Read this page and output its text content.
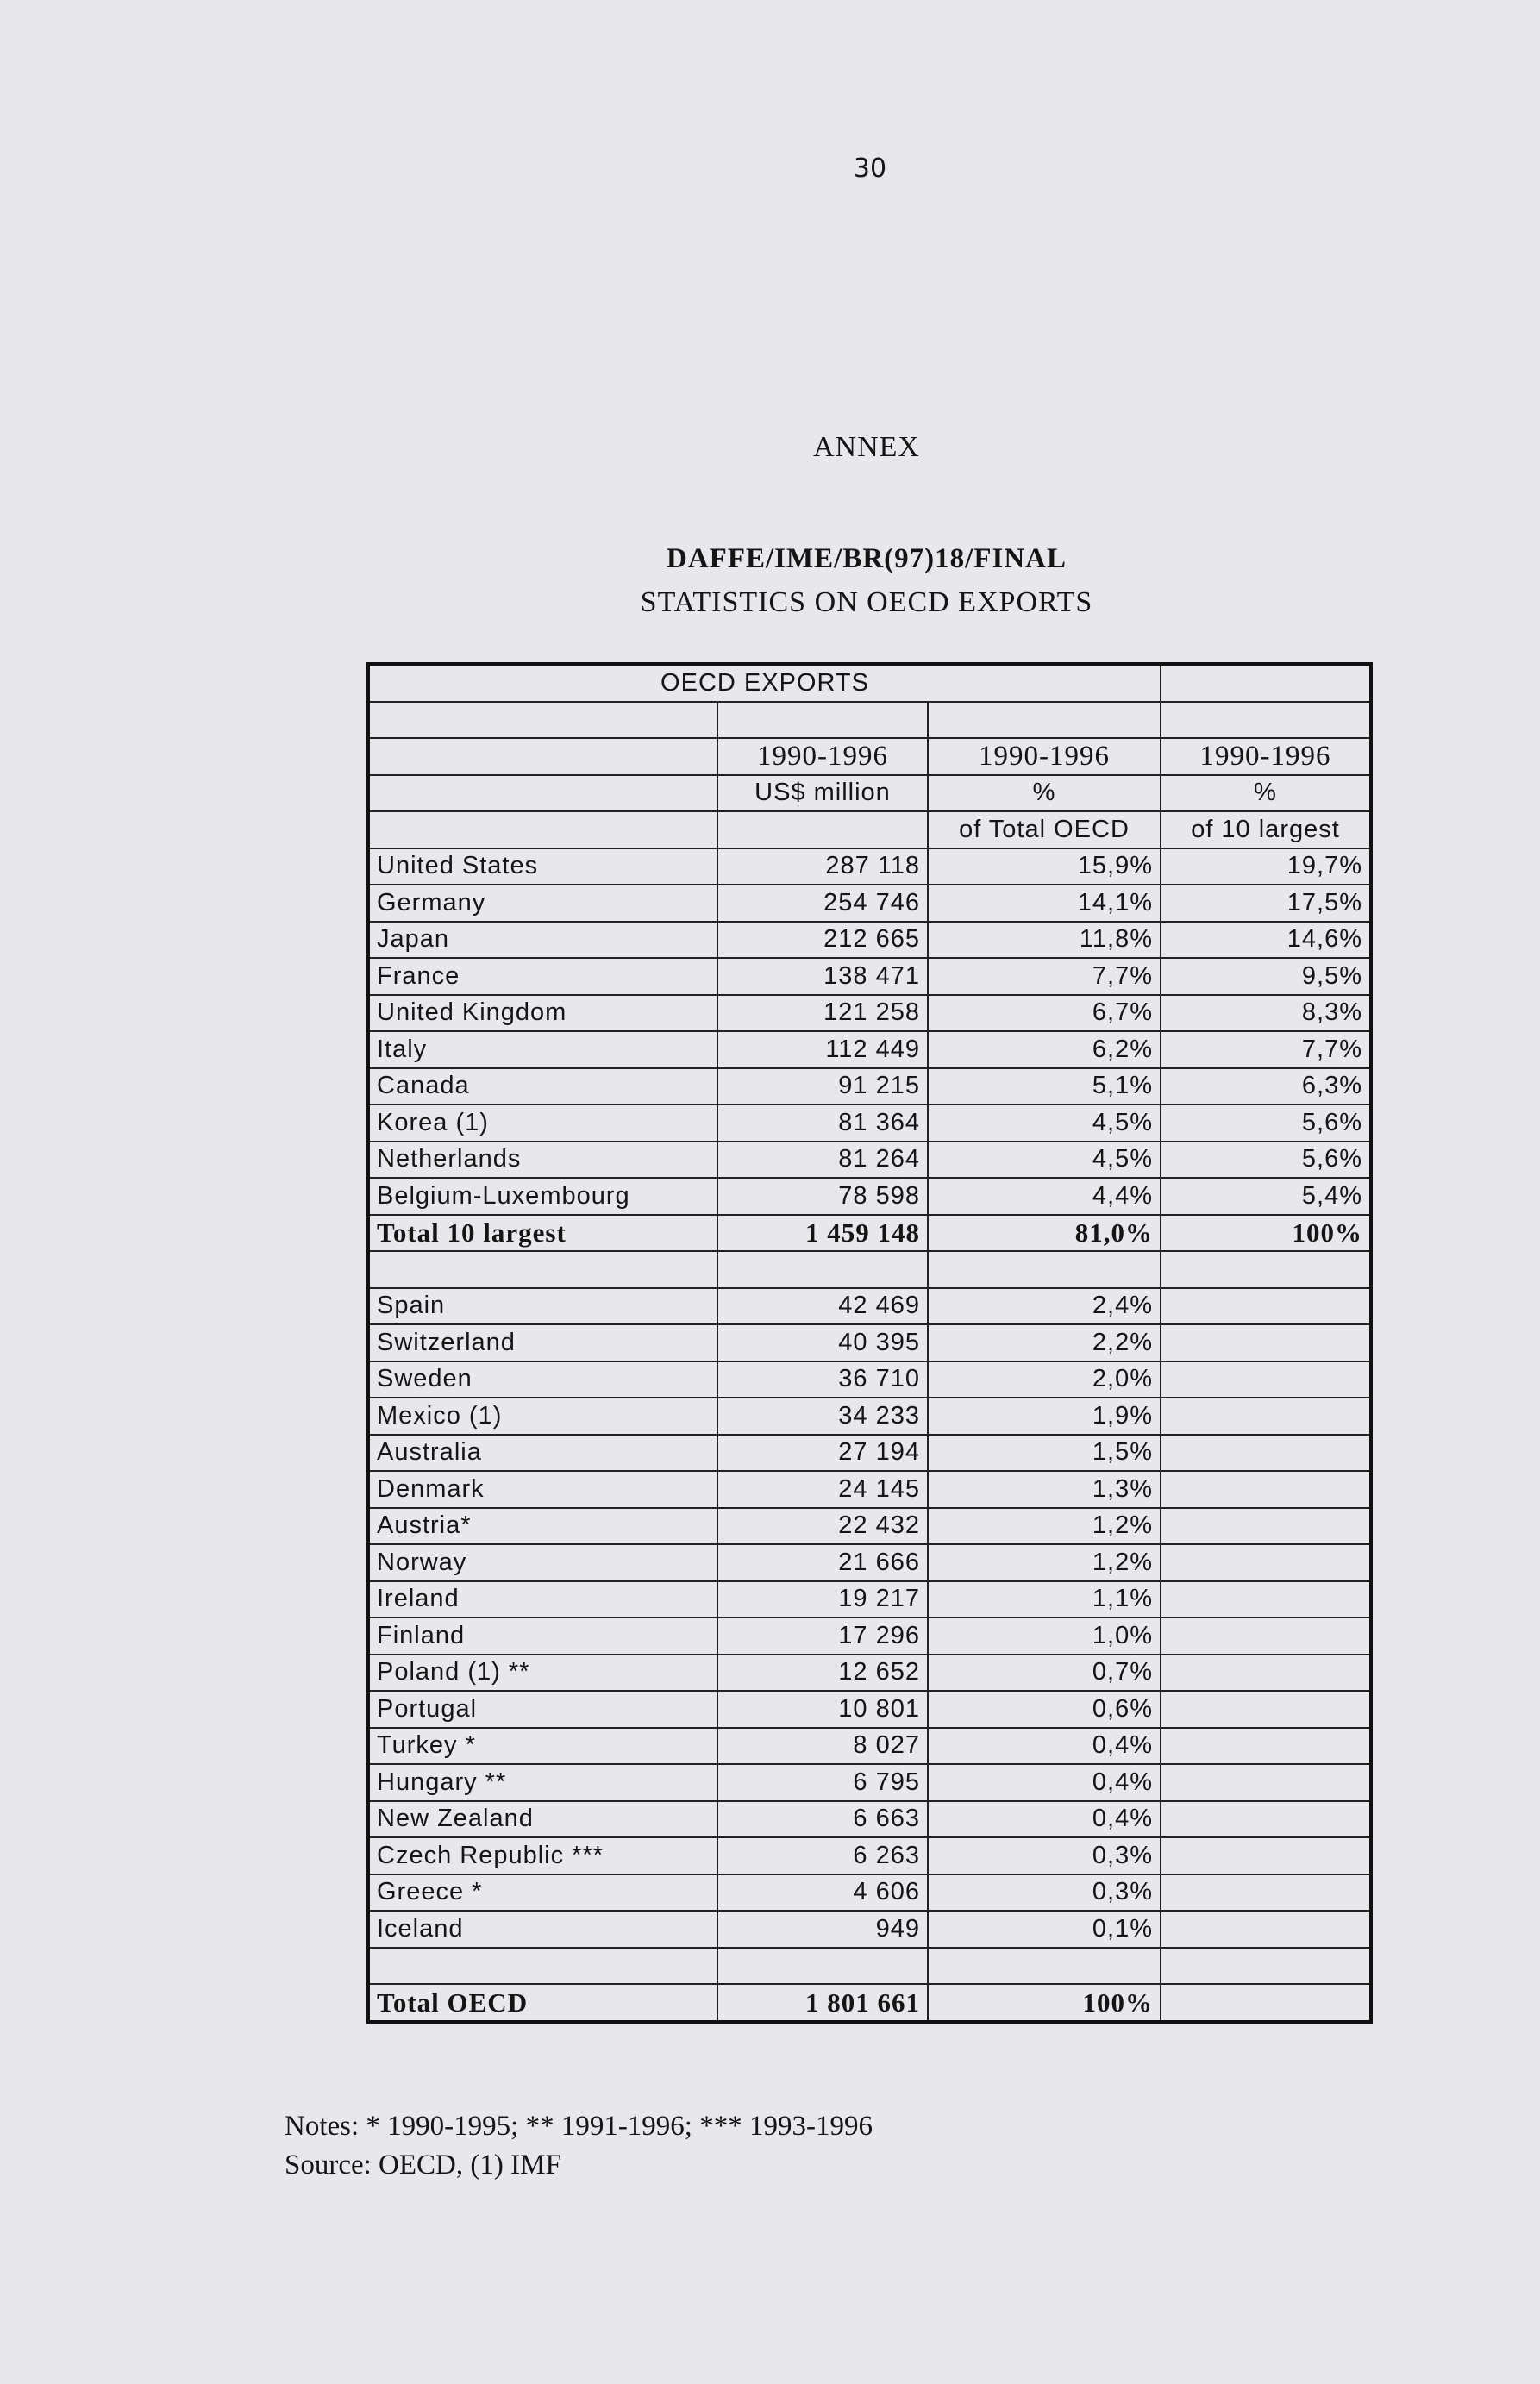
30
ANNEX
DAFFE/IME/BR(97)18/FINAL
STATISTICS ON OECD EXPORTS
OECD EXPORTS			

	1990-1996	1990-1996	1990-1996
	US$ million	%	%
		of Total OECD	of 10 largest
United States	287 118	15,9%	19,7%
Germany	254 746	14,1%	17,5%
Japan	212 665	11,8%	14,6%
France	138 471	7,7%	9,5%
United Kingdom	121 258	6,7%	8,3%
Italy	112 449	6,2%	7,7%
Canada	91 215	5,1%	6,3%
Korea (1)	81 364	4,5%	5,6%
Netherlands	81 264	4,5%	5,6%
Belgium-Luxembourg	78 598	4,4%	5,4%
Total 10 largest	1 459 148	81,0%	100%

Spain	42 469	2,4%	
Switzerland	40 395	2,2%	
Sweden	36 710	2,0%	
Mexico (1)	34 233	1,9%	
Australia	27 194	1,5%	
Denmark	24 145	1,3%	
Austria*	22 432	1,2%	
Norway	21 666	1,2%	
Ireland	19 217	1,1%	
Finland	17 296	1,0%	
Poland (1) **	12 652	0,7%	
Portugal	10 801	0,6%	
Turkey *	8 027	0,4%	
Hungary **	6 795	0,4%	
New Zealand	6 663	0,4%	
Czech Republic ***	6 263	0,3%	
Greece *	4 606	0,3%	
Iceland	949	0,1%	

Total OECD	1 801 661	100%	
Notes: * 1990-1995; ** 1991-1996; *** 1993-1996
Source: OECD, (1) IMF
